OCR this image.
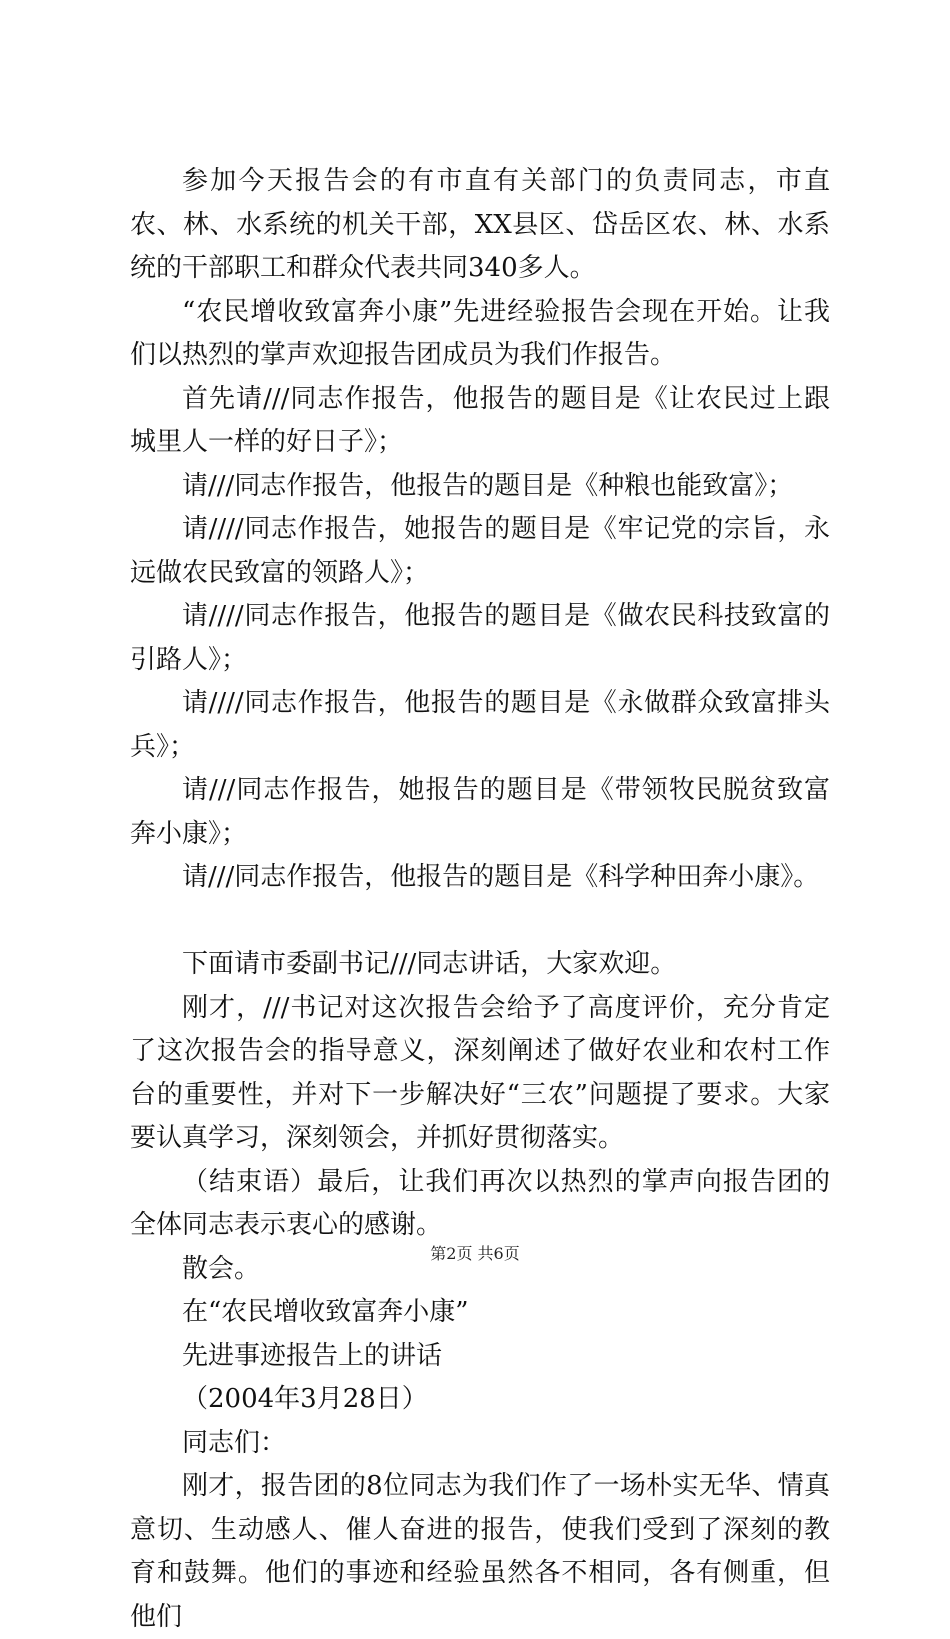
参加今天报告会的有市直有关部门的负责同志，市直农、林、水系统的机关干部，XX县区、岱岳区农、林、水系统的干部职工和群众代表共同340多人。

“农民增收致富奔小康”先进经验报告会现在开始。让我们以热烈的掌声欢迎报告团成员为我们作报告。

首先请///同志作报告，他报告的题目是《让农民过上跟城里人一样的好日子》；

请///同志作报告，他报告的题目是《种粮也能致富》；

请////同志作报告，她报告的题目是《牢记党的宗旨，永远做农民致富的领路人》；

请////同志作报告，他报告的题目是《做农民科技致富的引路人》；

请////同志作报告，他报告的题目是《永做群众致富排头兵》；

请///同志作报告，她报告的题目是《带领牧民脱贫致富奔小康》；

请///同志作报告，他报告的题目是《科学种田奔小康》。

下面请市委副书记///同志讲话，大家欢迎。

刚才，///书记对这次报告会给予了高度评价，充分肯定了这次报告会的指导意义，深刻阐述了做好农业和农村工作台的重要性，并对下一步解决好“三农”问题提了要求。大家要认真学习，深刻领会，并抓好贯彻落实。

（结束语）最后，让我们再次以热烈的掌声向报告团的全体同志表示衷心的感谢。

散会。

在“农民增收致富奔小康”

先进事迹报告上的讲话

（2004年3月28日）

同志们：

刚才，报告团的8位同志为我们作了一场朴实无华、情真意切、生动感人、催人奋进的报告，使我们受到了深刻的教育和鼓舞。他们的事迹和经验虽然各不相同，各有侧重，但他们

第2页 共6页
